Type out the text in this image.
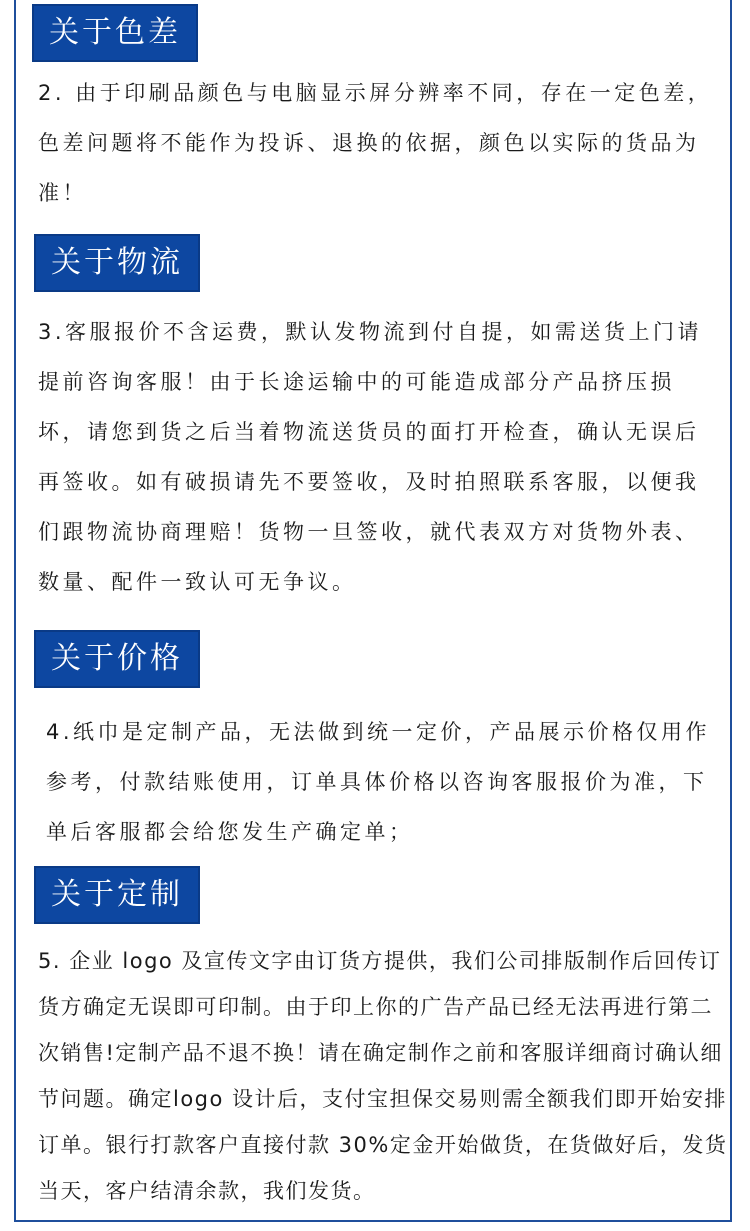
关于色差

2. 由于印刷品颜色与电脑显示屏分辨率不同，存在一定色差，色差问题将不能作为投诉、退换的依据，颜色以实际的货品为准！

关于物流

3.客服报价不含运费，默认发物流到付自提，如需送货上门请提前咨询客服！由于长途运输中的可能造成部分产品挤压损坏，请您到货之后当着物流送货员的面打开检查，确认无误后再签收。如有破损请先不要签收，及时拍照联系客服，以便我们跟物流协商理赔！货物一旦签收，就代表双方对货物外表、数量、配件一致认可无争议。

关于价格

4.纸巾是定制产品，无法做到统一定价，产品展示价格仅用作参考，付款结账使用，订单具体价格以咨询客服报价为准，下单后客服都会给您发生产确定单；

关于定制

5. 企业 logo 及宣传文字由订货方提供，我们公司排版制作后回传订货方确定无误即可印制。由于印上你的广告产品已经无法再进行第二次销售!定制产品不退不换！请在确定制作之前和客服详细商讨确认细节问题。确定logo 设计后，支付宝担保交易则需全额我们即开始安排订单。银行打款客户直接付款 30%定金开始做货，在货做好后，发货当天，客户结清余款，我们发货。
